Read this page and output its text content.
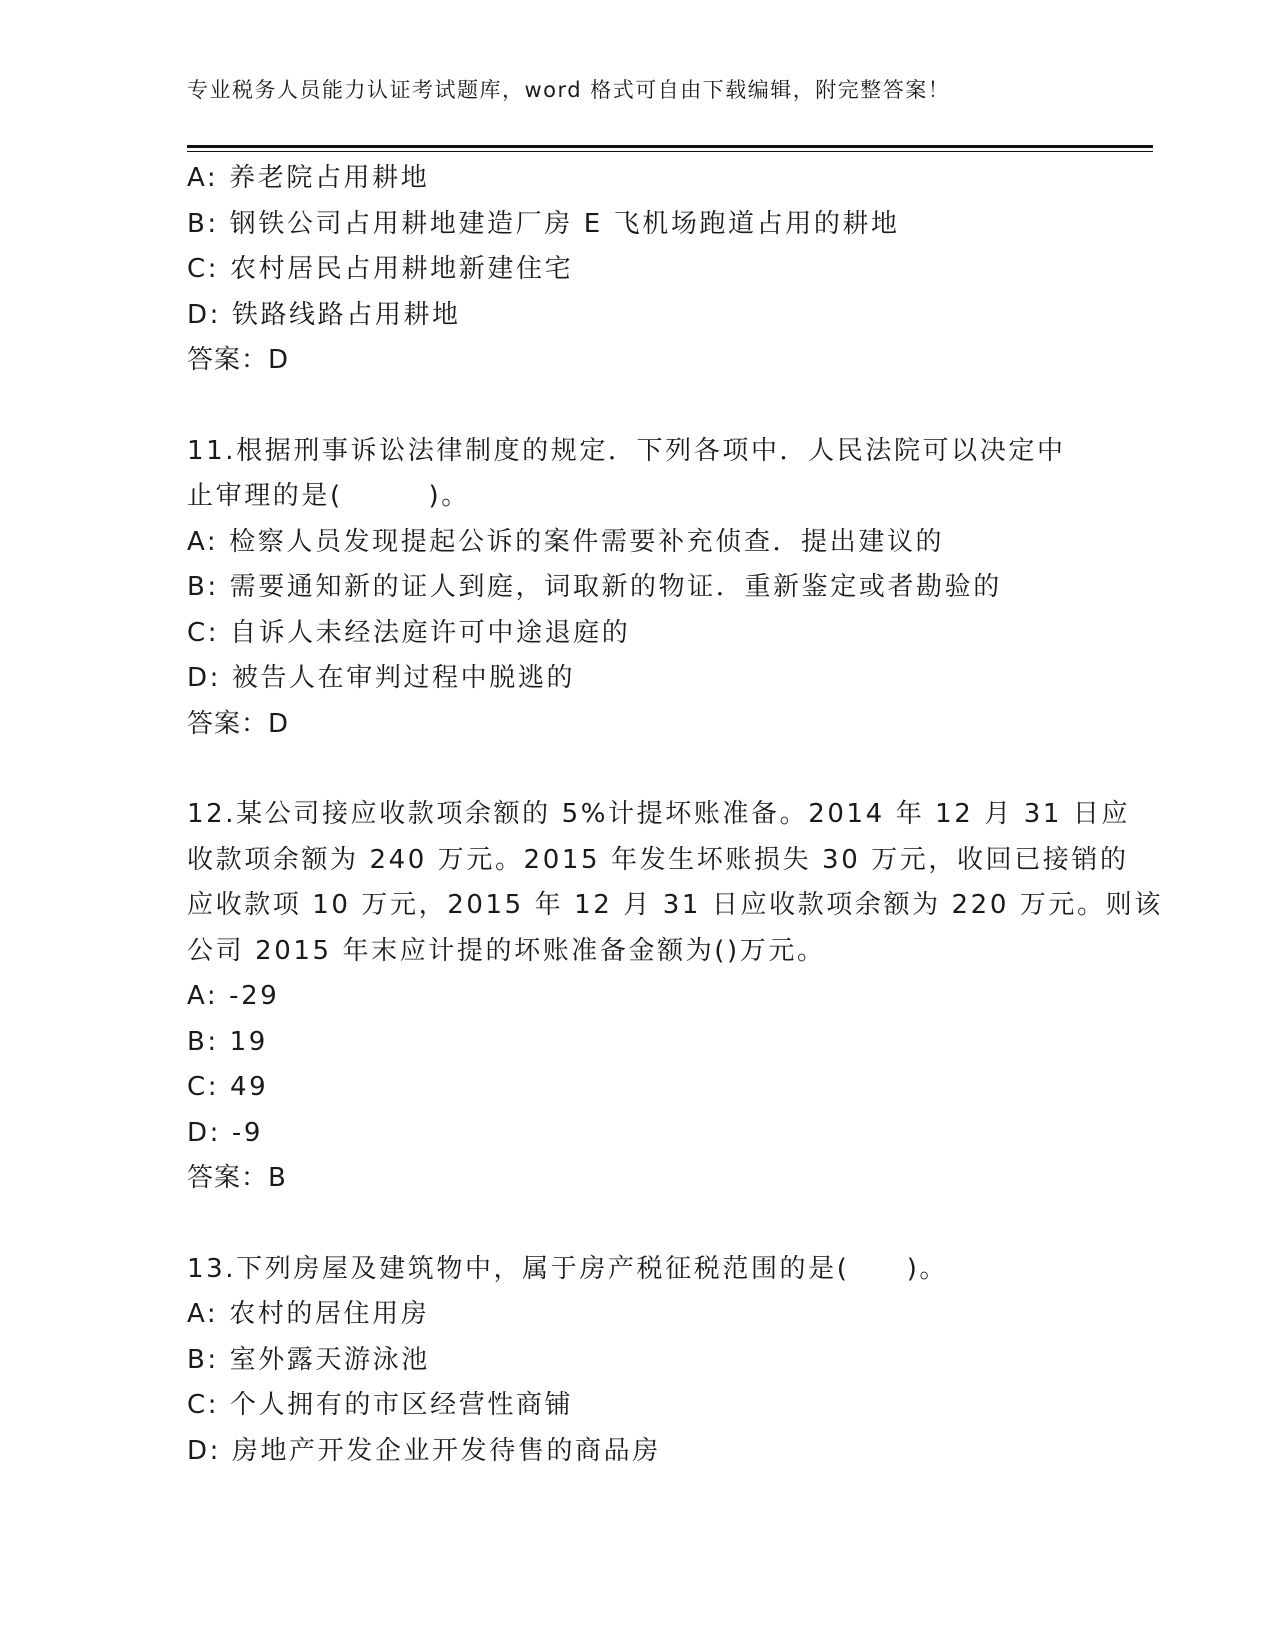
专业税务人员能力认证考试题库，word 格式可自由下载编辑，附完整答案！
A: 养老院占用耕地
B: 钢铁公司占用耕地建造厂房 E 飞机场跑道占用的耕地
C: 农村居民占用耕地新建住宅
D: 铁路线路占用耕地
答案：D
11.根据刑事诉讼法律制度的规定．下列各项中．人民法院可以决定中
止审理的是(　　　)。
A: 检察人员发现提起公诉的案件需要补充侦查．提出建议的
B: 需要通知新的证人到庭，词取新的物证．重新鉴定或者勘验的
C: 自诉人未经法庭许可中途退庭的
D: 被告人在审判过程中脱逃的
答案：D
12.某公司接应收款项余额的 5%计提坏账准备。2014 年 12 月 31 日应
收款项余额为 240 万元。2015 年发生坏账损失 30 万元，收回已接销的
应收款项 10 万元，2015 年 12 月 31 日应收款项余额为 220 万元。则该
公司 2015 年末应计提的坏账准备金额为()万元。
A: -29
B: 19
C: 49
D: -9
答案：B
13.下列房屋及建筑物中，属于房产税征税范围的是(　　)。
A: 农村的居住用房
B: 室外露天游泳池
C: 个人拥有的市区经营性商铺
D: 房地产开发企业开发待售的商品房
